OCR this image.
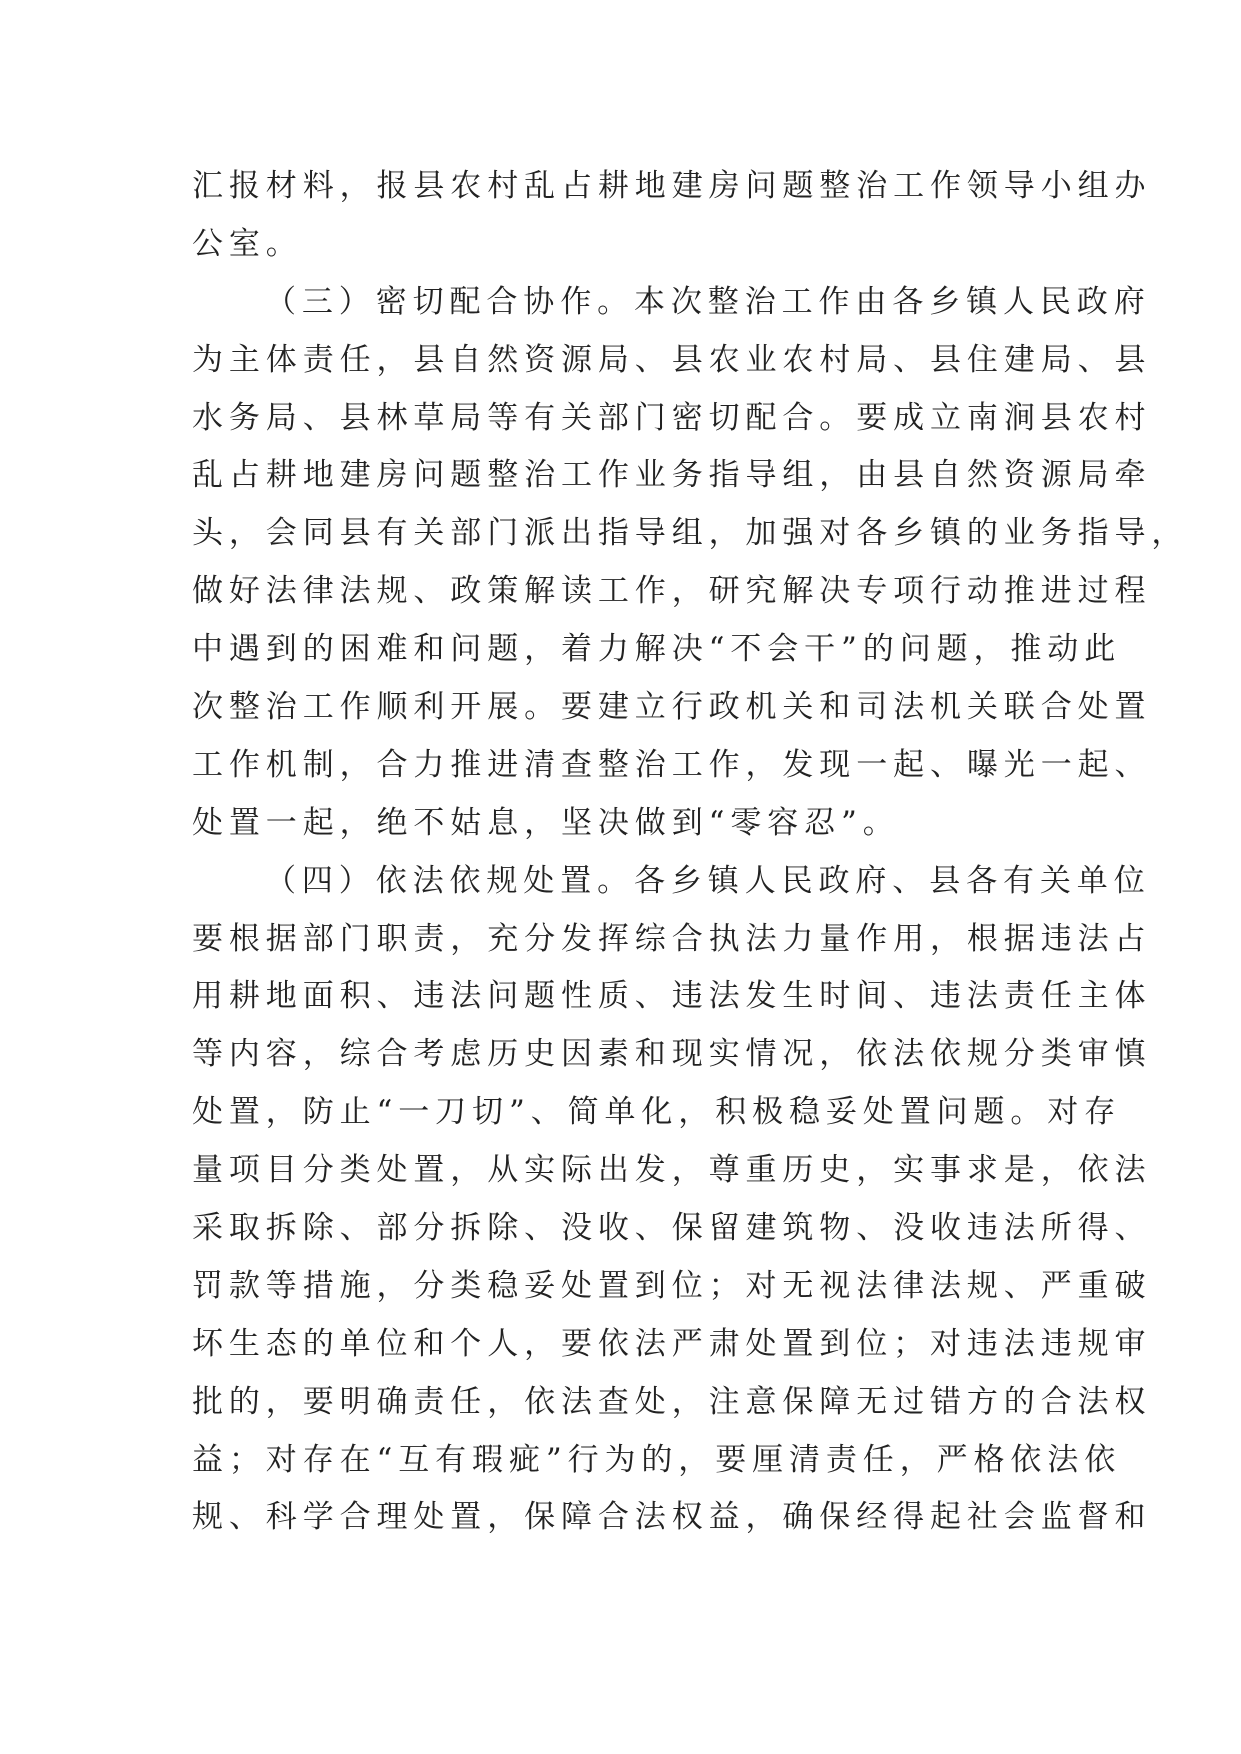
汇报材料，报县农村乱占耕地建房问题整治工作领导小组办
公室。
（三）密切配合协作。本次整治工作由各乡镇人民政府
为主体责任，县自然资源局、县农业农村局、县住建局、县
水务局、县林草局等有关部门密切配合。要成立南涧县农村
乱占耕地建房问题整治工作业务指导组，由县自然资源局牵
头，会同县有关部门派出指导组，加强对各乡镇的业务指导，
做好法律法规、政策解读工作，研究解决专项行动推进过程
中遇到的困难和问题，着力解决“不会干”的问题，推动此
次整治工作顺利开展。要建立行政机关和司法机关联合处置
工作机制，合力推进清查整治工作，发现一起、曝光一起、
处置一起，绝不姑息，坚决做到“零容忍”。
（四）依法依规处置。各乡镇人民政府、县各有关单位
要根据部门职责，充分发挥综合执法力量作用，根据违法占
用耕地面积、违法问题性质、违法发生时间、违法责任主体
等内容，综合考虑历史因素和现实情况，依法依规分类审慎
处置，防止“一刀切”、简单化，积极稳妥处置问题。对存
量项目分类处置，从实际出发，尊重历史，实事求是，依法
采取拆除、部分拆除、没收、保留建筑物、没收违法所得、
罚款等措施，分类稳妥处置到位；对无视法律法规、严重破
坏生态的单位和个人，要依法严肃处置到位；对违法违规审
批的，要明确责任，依法查处，注意保障无过错方的合法权
益；对存在“互有瑕疵”行为的，要厘清责任，严格依法依
规、科学合理处置，保障合法权益，确保经得起社会监督和
